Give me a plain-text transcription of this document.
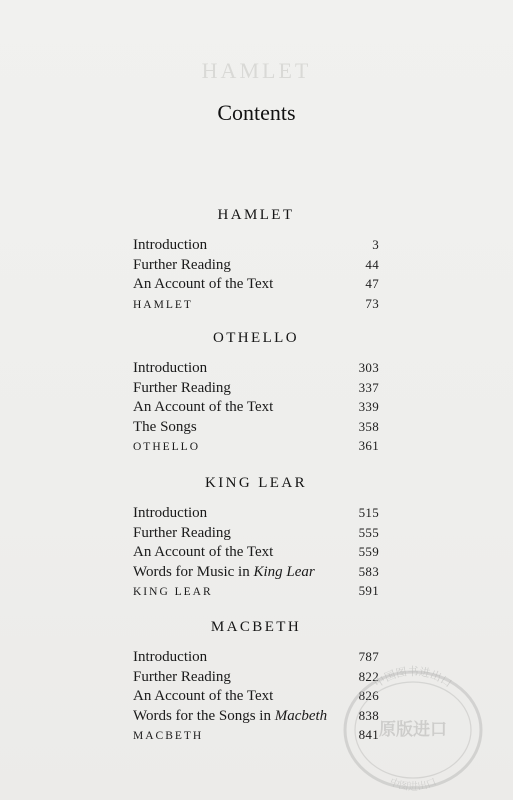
HAMLET
Contents
HAMLET
Introduction	3
Further Reading	44
An Account of the Text	47
HAMLET	73
OTHELLO
Introduction	303
Further Reading	337
An Account of the Text	339
The Songs	358
OTHELLO	361
KING LEAR
Introduction	515
Further Reading	555
An Account of the Text	559
Words for Music in King Lear	583
KING LEAR	591
MACBETH
Introduction	787
Further Reading	822
An Account of the Text	826
Words for the Songs in Macbeth 838
MACBETH	841
中国图书进出口
原版进口
中图进出口
